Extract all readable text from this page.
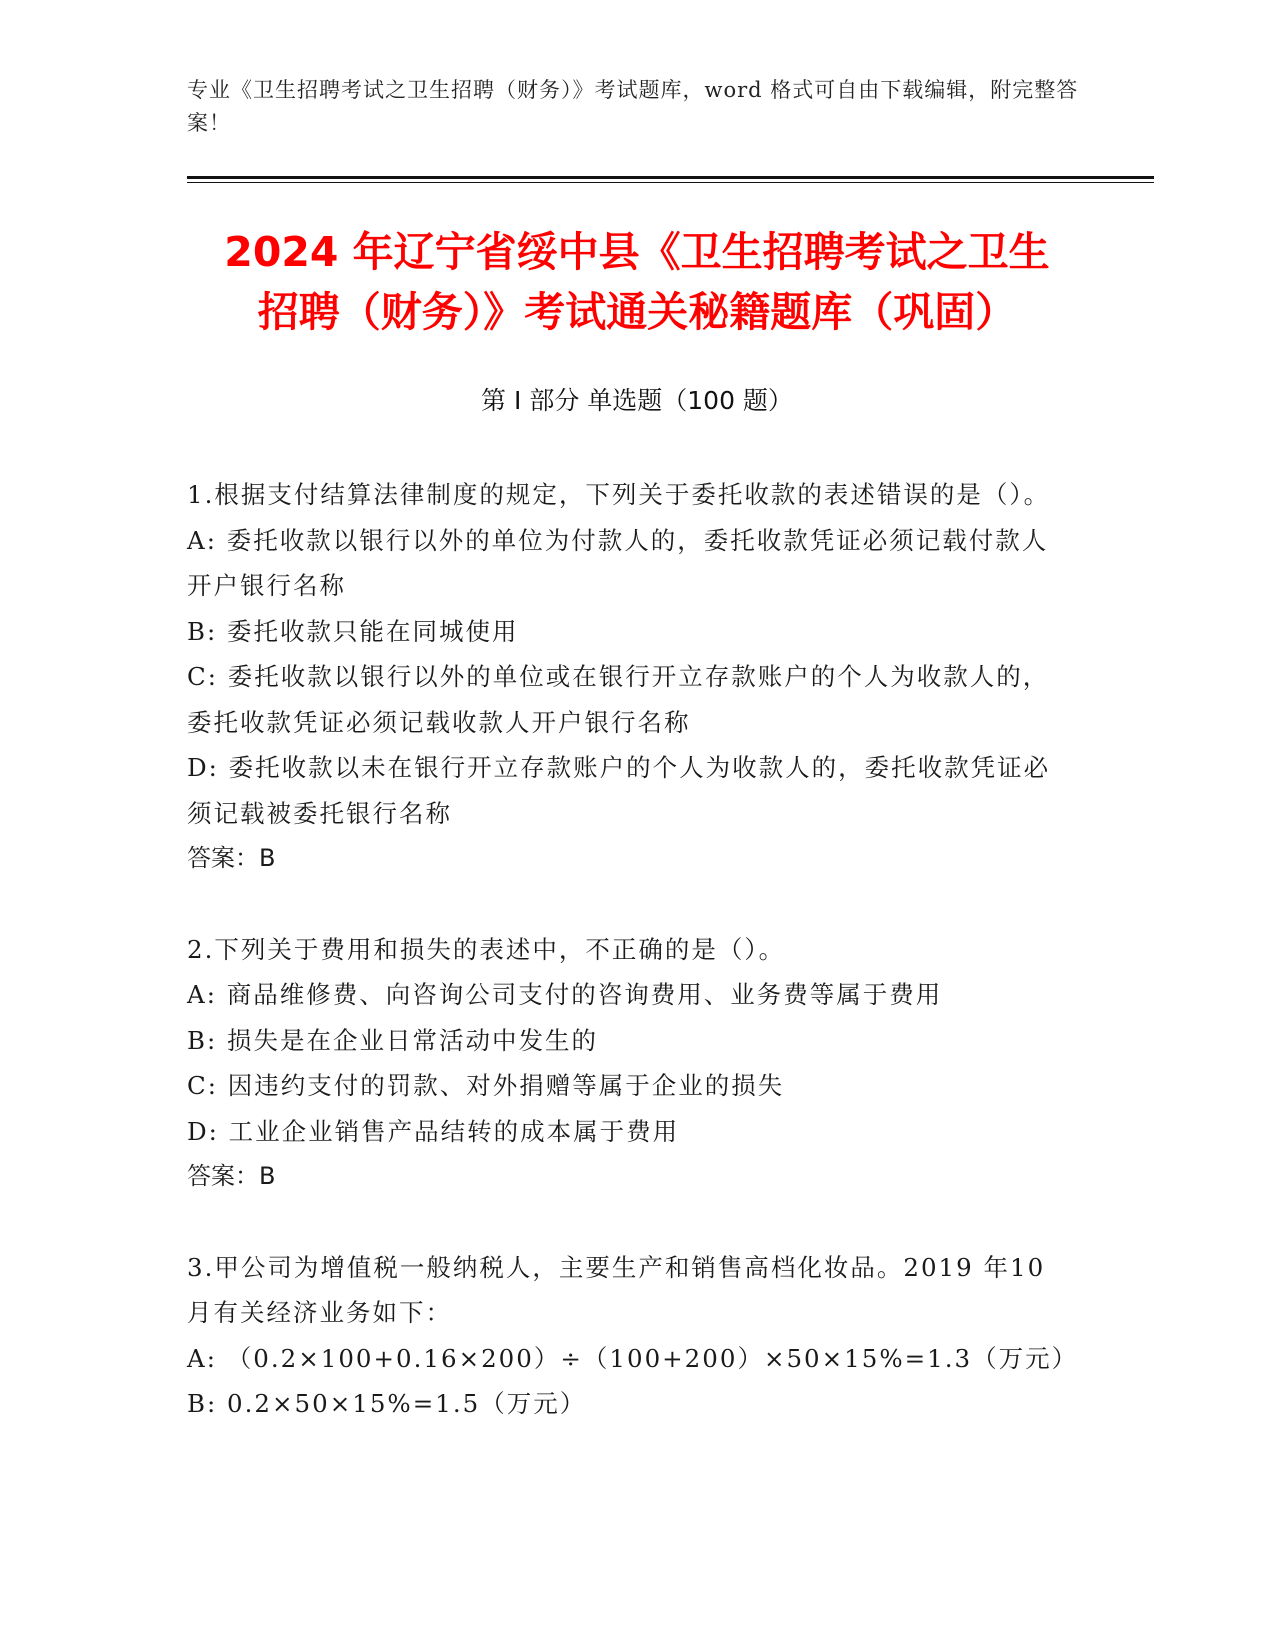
专业《卫生招聘考试之卫生招聘（财务）》考试题库，word 格式可自由下载编辑，附完整答案！
2024 年辽宁省绥中县《卫生招聘考试之卫生
招聘（财务）》考试通关秘籍题库（巩固）
第 I 部分 单选题（100 题）
1.根据支付结算法律制度的规定，下列关于委托收款的表述错误的是（）。
A: 委托收款以银行以外的单位为付款人的，委托收款凭证必须记载付款人开户银行名称
B: 委托收款只能在同城使用
C: 委托收款以银行以外的单位或在银行开立存款账户的个人为收款人的，委托收款凭证必须记载收款人开户银行名称
D: 委托收款以未在银行开立存款账户的个人为收款人的，委托收款凭证必须记载被委托银行名称
答案：B
2.下列关于费用和损失的表述中，不正确的是（）。
A: 商品维修费、向咨询公司支付的咨询费用、业务费等属于费用
B: 损失是在企业日常活动中发生的
C: 因违约支付的罚款、对外捐赠等属于企业的损失
D: 工业企业销售产品结转的成本属于费用
答案：B
3.甲公司为增值税一般纳税人，主要生产和销售高档化妆品。2019 年10 月有关经济业务如下：
A: （0.2×100+0.16×200）÷（100+200）×50×15%=1.3（万元）
B: 0.2×50×15%=1.5（万元）
